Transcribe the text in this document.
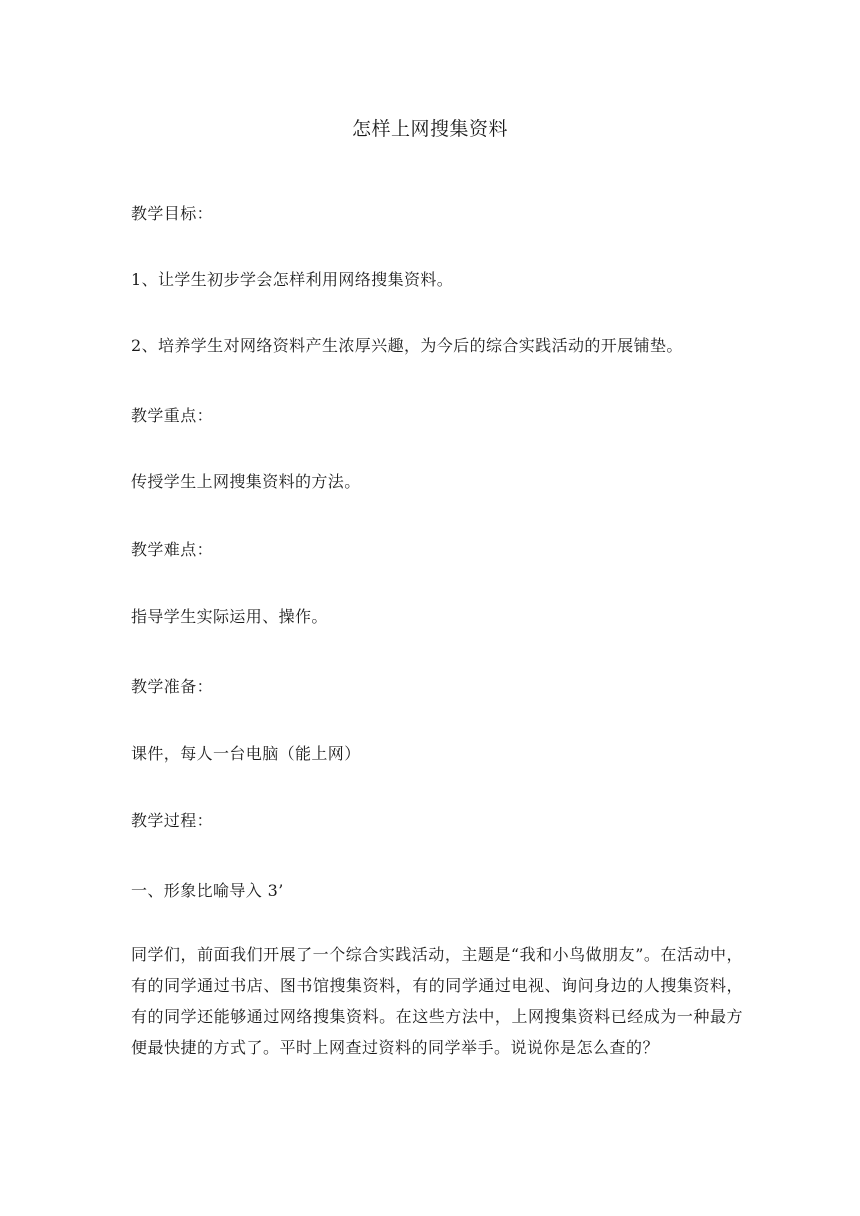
怎样上网搜集资料
教学目标：
1、让学生初步学会怎样利用网络搜集资料。
2、培养学生对网络资料产生浓厚兴趣，为今后的综合实践活动的开展铺垫。
教学重点：
传授学生上网搜集资料的方法。
教学难点：
指导学生实际运用、操作。
教学准备：
课件，每人一台电脑（能上网）
教学过程：
一、形象比喻导入 3’
同学们，前面我们开展了一个综合实践活动，主题是“我和小鸟做朋友”。在活动中，有的同学通过书店、图书馆搜集资料，有的同学通过电视、询问身边的人搜集资料，有的同学还能够通过网络搜集资料。在这些方法中，上网搜集资料已经成为一种最方便最快捷的方式了。平时上网查过资料的同学举手。说说你是怎么查的？
